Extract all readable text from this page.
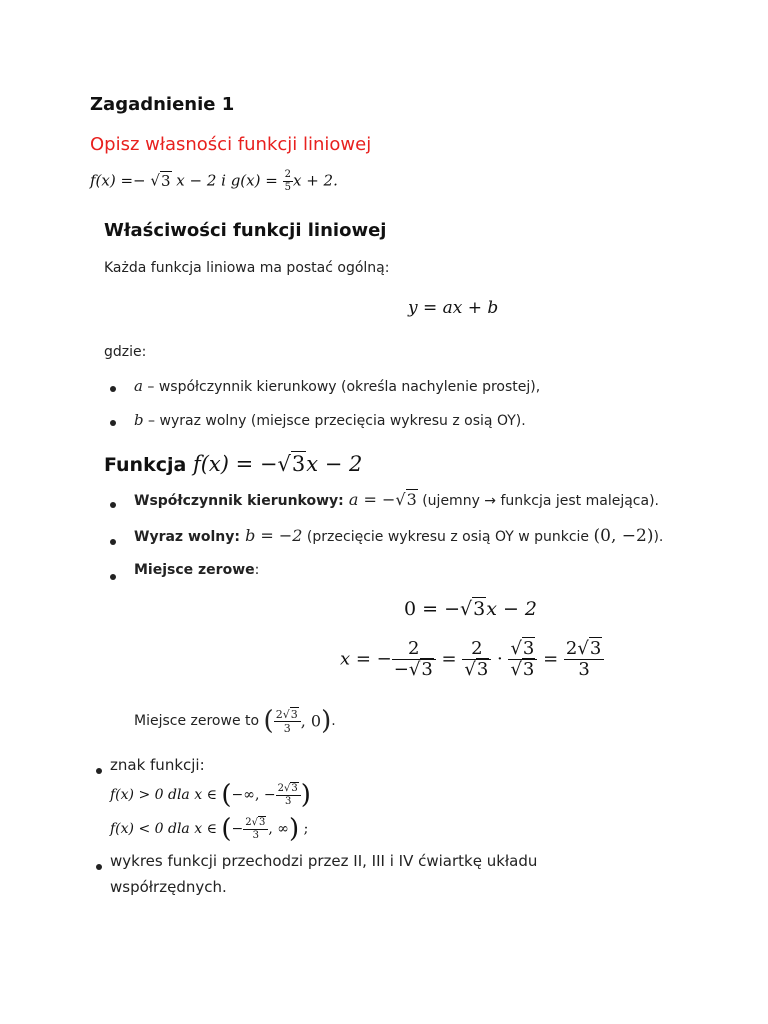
Zagadnienie 1
Opisz własności funkcji liniowej
f(x) =− √3 x − 2 i $g(x) = \frac{2}{5}$ x + 2.
Właściwości funkcji liniowej
Każda funkcja liniowa ma postać ogólną:
y = ax + b
gdzie:
a – współczynnik kierunkowy (określa nachylenie prostej),
b – wyraz wolny (miejsce przecięcia wykresu z osią OY).
Funkcja f(x) = −√3x − 2
Współczynnik kierunkowy: a = −√3 (ujemny → funkcja jest malejąca).
Wyraz wolny: b = −2 (przecięcie wykresu z osią OY w punkcie (0, −2)).
Miejsce zerowe:
0 = −√3x − 2
x = − $\frac{2}{-√3} = \frac{2}{√3} \cdot \frac{√3}{√3} = \frac{2√3}{3}$
Miejsce zerowe to ( $\frac{2√3}{3}$ , 0).
znak funkcji:
f(x) > 0 dla x ∈ (−∞, − $\frac{2√3}{3}$ )
f(x) < 0 dla x ∈ (− $\frac{2√3}{3}$ , ∞) ;
wykres funkcji przechodzi przez II, III i IV ćwiartkę układu
współrzędnych.
